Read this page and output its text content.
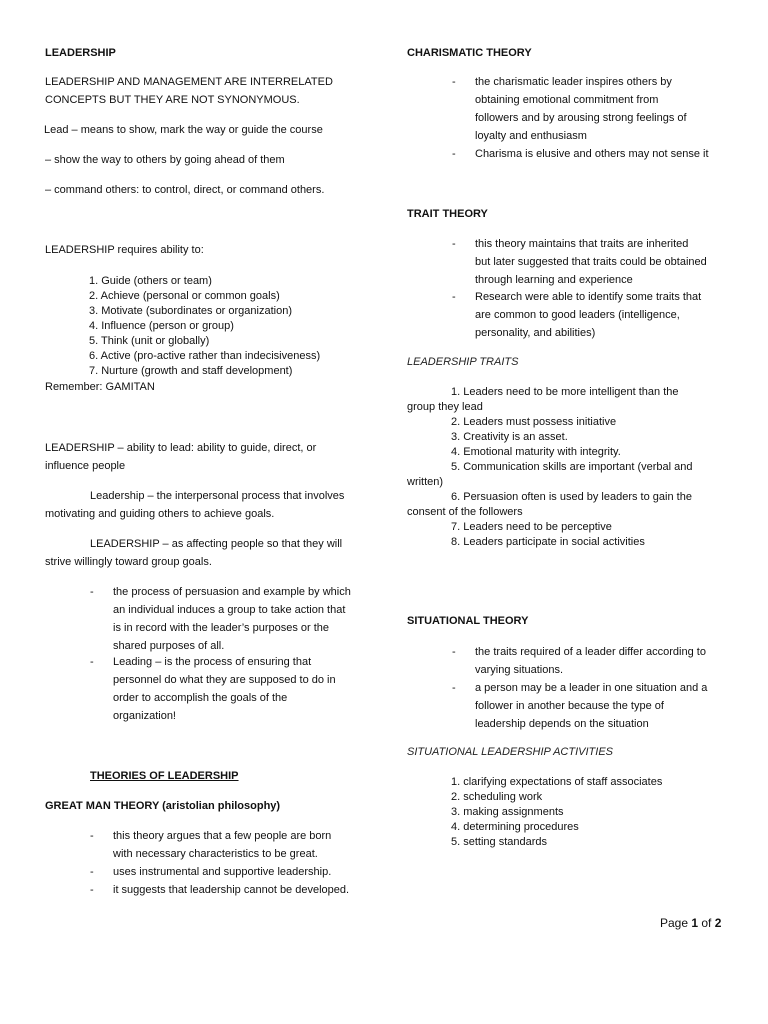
LEADERSHIP
LEADERSHIP AND MANAGEMENT ARE INTERRELATED
CONCEPTS BUT THEY ARE NOT SYNONYMOUS.
Lead – means to show, mark the way or guide the course
– show the way to others by going ahead of them
– command others: to control, direct, or command others.
LEADERSHIP requires ability to:
1. Guide (others or team)
2. Achieve (personal or common goals)
3. Motivate (subordinates or organization)
4. Influence (person or group)
5. Think (unit or globally)
6. Active (pro-active rather than indecisiveness)
7. Nurture (growth and staff development)
Remember: GAMITAN
LEADERSHIP – ability to lead: ability to guide, direct, or
influence people
Leadership – the interpersonal process that involves
motivating and guiding others to achieve goals.
LEADERSHIP – as affecting people so that they will
strive willingly toward group goals.
- the process of persuasion and example by which
an individual induces a group to take action that
is in record with the leader’s purposes or the
shared purposes of all.
- Leading – is the process of ensuring that
personnel do what they are supposed to do in
order to accomplish the goals of the
organization!
THEORIES OF LEADERSHIP
GREAT MAN THEORY (aristolian philosophy)
- this theory argues that a few people are born
with necessary characteristics to be great.
- uses instrumental and supportive leadership.
- it suggests that leadership cannot be developed.
CHARISMATIC THEORY
- the charismatic leader inspires others by
obtaining emotional commitment from
followers and by arousing strong feelings of
loyalty and enthusiasm
- Charisma is elusive and others may not sense it
TRAIT THEORY
- this theory maintains that traits are inherited
but later suggested that traits could be obtained
through learning and experience
- Research were able to identify some traits that
are common to good leaders (intelligence,
personality, and abilities)
LEADERSHIP TRAITS
1. Leaders need to be more intelligent than the
group they lead
2. Leaders must possess initiative
3. Creativity is an asset.
4. Emotional maturity with integrity.
5. Communication skills are important (verbal and
written)
6. Persuasion often is used by leaders to gain the
consent of the followers
7. Leaders need to be perceptive
8. Leaders participate in social activities
SITUATIONAL THEORY
- the traits required of a leader differ according to
varying situations.
- a person may be a leader in one situation and a
follower in another because the type of
leadership depends on the situation
SITUATIONAL LEADERSHIP ACTIVITIES
1. clarifying expectations of staff associates
2. scheduling work
3. making assignments
4. determining procedures
5. setting standards
Page 1 of 2
